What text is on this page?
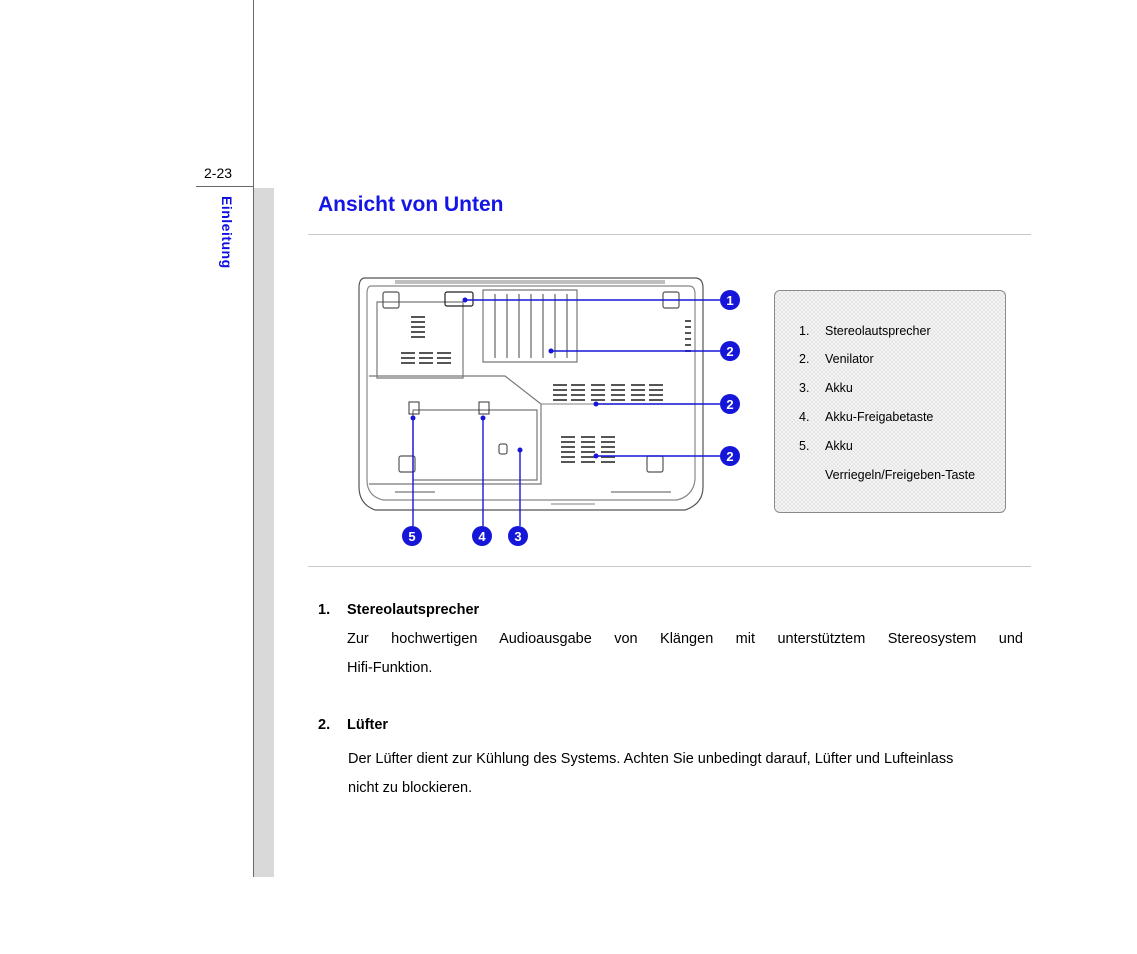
2-23
Einleitung	Ansicht von Unten
1
2
2
2
5	4	3
1.	Stereolautsprecher
2.	Venilator
3.	Akku
4.	Akku-Freigabetaste
5.	Akku
Verriegeln/Freigeben-Taste
1.	Stereolautsprecher
Zur hochwertigen Audioausgabe von Klängen mit unterstütztem Stereosystem und
Hifi-Funktion.
2.	Lüfter
Der Lüfter dient zur Kühlung des Systems. Achten Sie unbedingt darauf, Lüfter und Lufteinlass
nicht zu blockieren.
